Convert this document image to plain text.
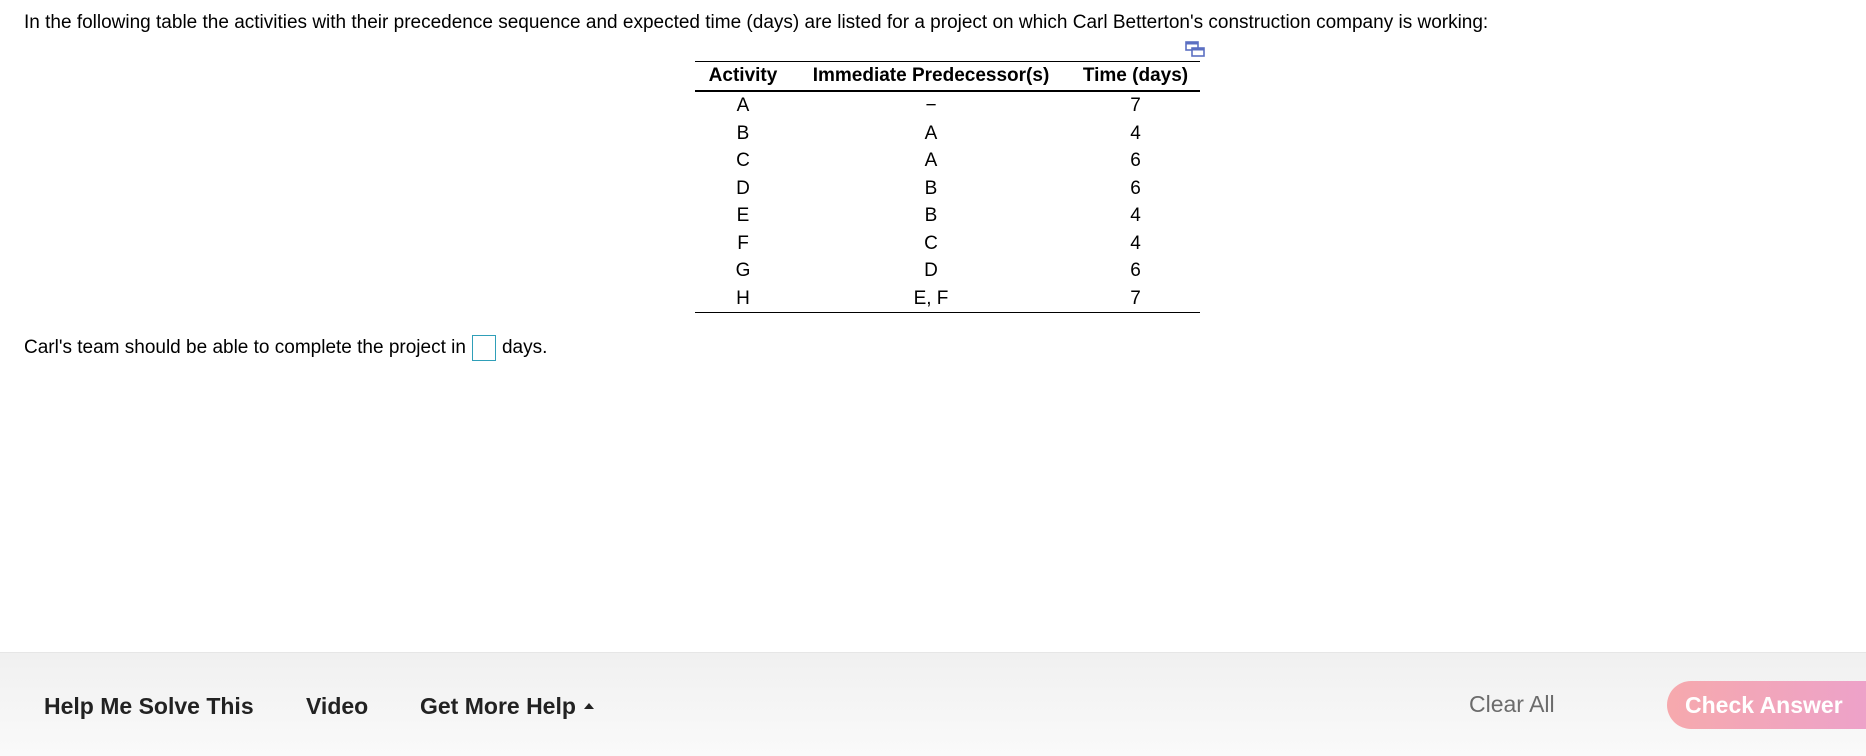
In the following table the activities with their precedence sequence and expected time (days) are listed for a project on which Carl Betterton's construction company is working:
Activity	Immediate Predecessor(s)	Time (days)
A	−	7
B	A	4
C	A	6
D	B	6
E	B	4
F	C	4
G	D	6
H	E, F	7
Carl's team should be able to complete the project in days.
Help Me Solve This Video Get More Help	Clear All	Check Answer
